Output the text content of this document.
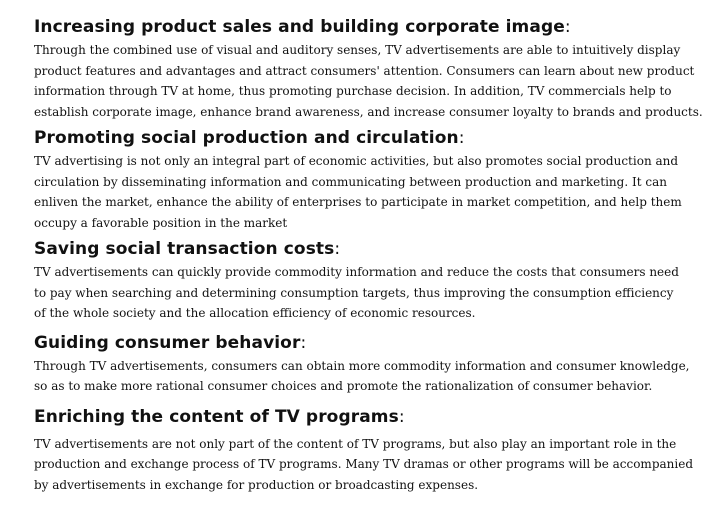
Increasing product sales and building corporate image:

Through the combined use of visual and auditory senses, TV advertisements are able to intuitively display
product features and advantages and attract consumers' attention. Consumers can learn about new product
information through TV at home, thus promoting purchase decision. In addition, TV commercials help to
establish corporate image, enhance brand awareness, and increase consumer loyalty to brands and products.

Promoting social production and circulation:

TV advertising is not only an integral part of economic activities, but also promotes social production and
circulation by disseminating information and communicating between production and marketing. It can
enliven the market, enhance the ability of enterprises to participate in market competition, and help them
occupy a favorable position in the market

Saving social transaction costs:

TV advertisements can quickly provide commodity information and reduce the costs that consumers need
to pay when searching and determining consumption targets, thus improving the consumption efficiency
of the whole society and the allocation efficiency of economic resources.

Guiding consumer behavior:

Through TV advertisements, consumers can obtain more commodity information and consumer knowledge,
so as to make more rational consumer choices and promote the rationalization of consumer behavior.

Enriching the content of TV programs:

TV advertisements are not only part of the content of TV programs, but also play an important role in the
production and exchange process of TV programs. Many TV dramas or other programs will be accompanied
by advertisements in exchange for production or broadcasting expenses.
